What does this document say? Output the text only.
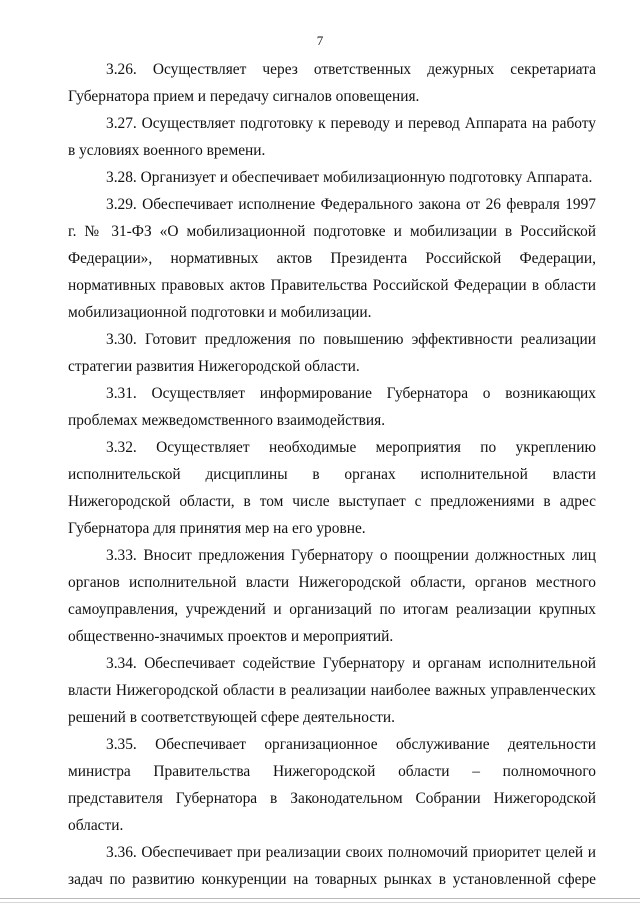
7

3.26. Осуществляет через ответственных дежурных секретариата Губернатора прием и передачу сигналов оповещения.

3.27. Осуществляет подготовку к переводу и перевод Аппарата на работу в условиях военного времени.

3.28. Организует и обеспечивает мобилизационную подготовку Аппарата.

3.29. Обеспечивает исполнение Федерального закона от 26 февраля 1997 г. № 31-ФЗ «О мобилизационной подготовке и мобилизации в Российской Федерации», нормативных актов Президента Российской Федерации, нормативных правовых актов Правительства Российской Федерации в области мобилизационной подготовки и мобилизации.

3.30. Готовит предложения по повышению эффективности реализации стратегии развития Нижегородской области.

3.31. Осуществляет информирование Губернатора о возникающих проблемах межведомственного взаимодействия.

3.32. Осуществляет необходимые мероприятия по укреплению исполнительской дисциплины в органах исполнительной власти Нижегородской области, в том числе выступает с предложениями в адрес Губернатора для принятия мер на его уровне.

3.33. Вносит предложения Губернатору о поощрении должностных лиц органов исполнительной власти Нижегородской области, органов местного самоуправления, учреждений и организаций по итогам реализации крупных общественно-значимых проектов и мероприятий.

3.34. Обеспечивает содействие Губернатору и органам исполнительной власти Нижегородской области в реализации наиболее важных управленческих решений в соответствующей сфере деятельности.

3.35. Обеспечивает организационное обслуживание деятельности министра Правительства Нижегородской области – полномочного представителя Губернатора в Законодательном Собрании Нижегородской области.

3.36. Обеспечивает при реализации своих полномочий приоритет целей и задач по развитию конкуренции на товарных рынках в установленной сфере
